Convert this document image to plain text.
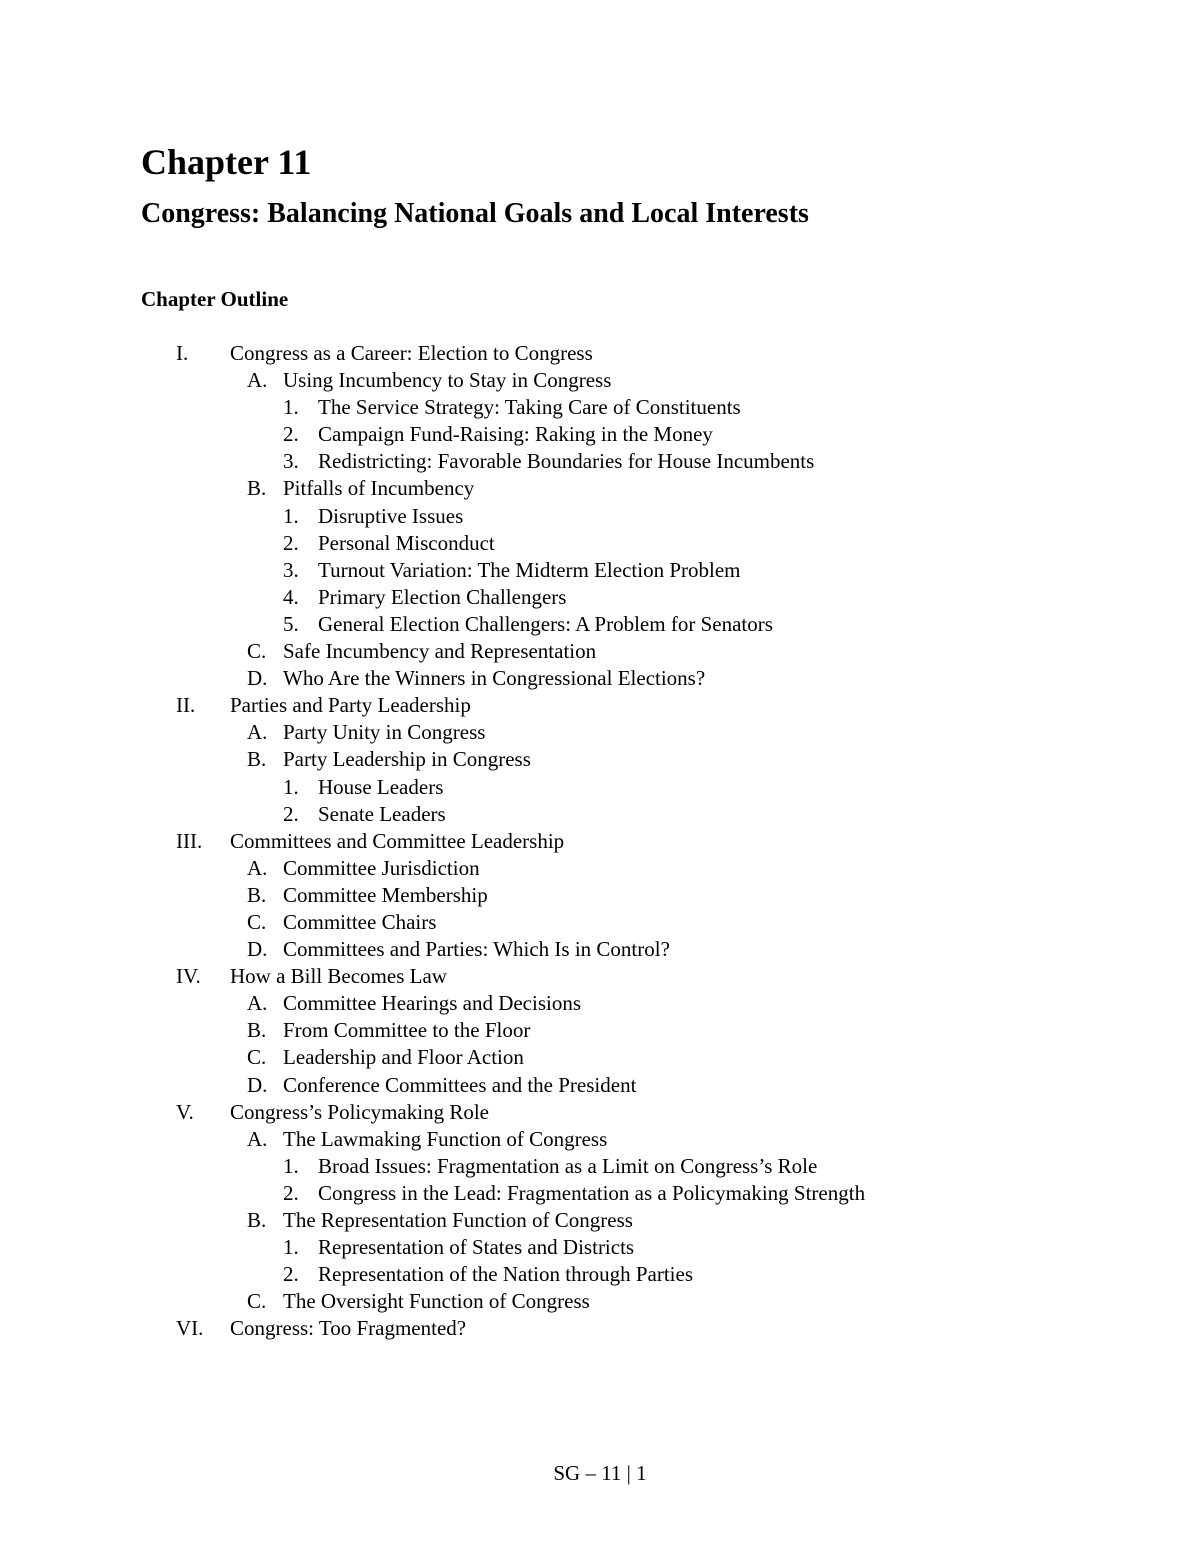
Chapter 11
Congress: Balancing National Goals and Local Interests
Chapter Outline
I. Congress as a Career: Election to Congress
A. Using Incumbency to Stay in Congress
1. The Service Strategy: Taking Care of Constituents
2. Campaign Fund-Raising: Raking in the Money
3. Redistricting: Favorable Boundaries for House Incumbents
B. Pitfalls of Incumbency
1. Disruptive Issues
2. Personal Misconduct
3. Turnout Variation: The Midterm Election Problem
4. Primary Election Challengers
5. General Election Challengers: A Problem for Senators
C. Safe Incumbency and Representation
D. Who Are the Winners in Congressional Elections?
II. Parties and Party Leadership
A. Party Unity in Congress
B. Party Leadership in Congress
1. House Leaders
2. Senate Leaders
III. Committees and Committee Leadership
A. Committee Jurisdiction
B. Committee Membership
C. Committee Chairs
D. Committees and Parties: Which Is in Control?
IV. How a Bill Becomes Law
A. Committee Hearings and Decisions
B. From Committee to the Floor
C. Leadership and Floor Action
D. Conference Committees and the President
V. Congress’s Policymaking Role
A. The Lawmaking Function of Congress
1. Broad Issues: Fragmentation as a Limit on Congress’s Role
2. Congress in the Lead: Fragmentation as a Policymaking Strength
B. The Representation Function of Congress
1. Representation of States and Districts
2. Representation of the Nation through Parties
C. The Oversight Function of Congress
VI. Congress: Too Fragmented?
SG – 11 | 1
